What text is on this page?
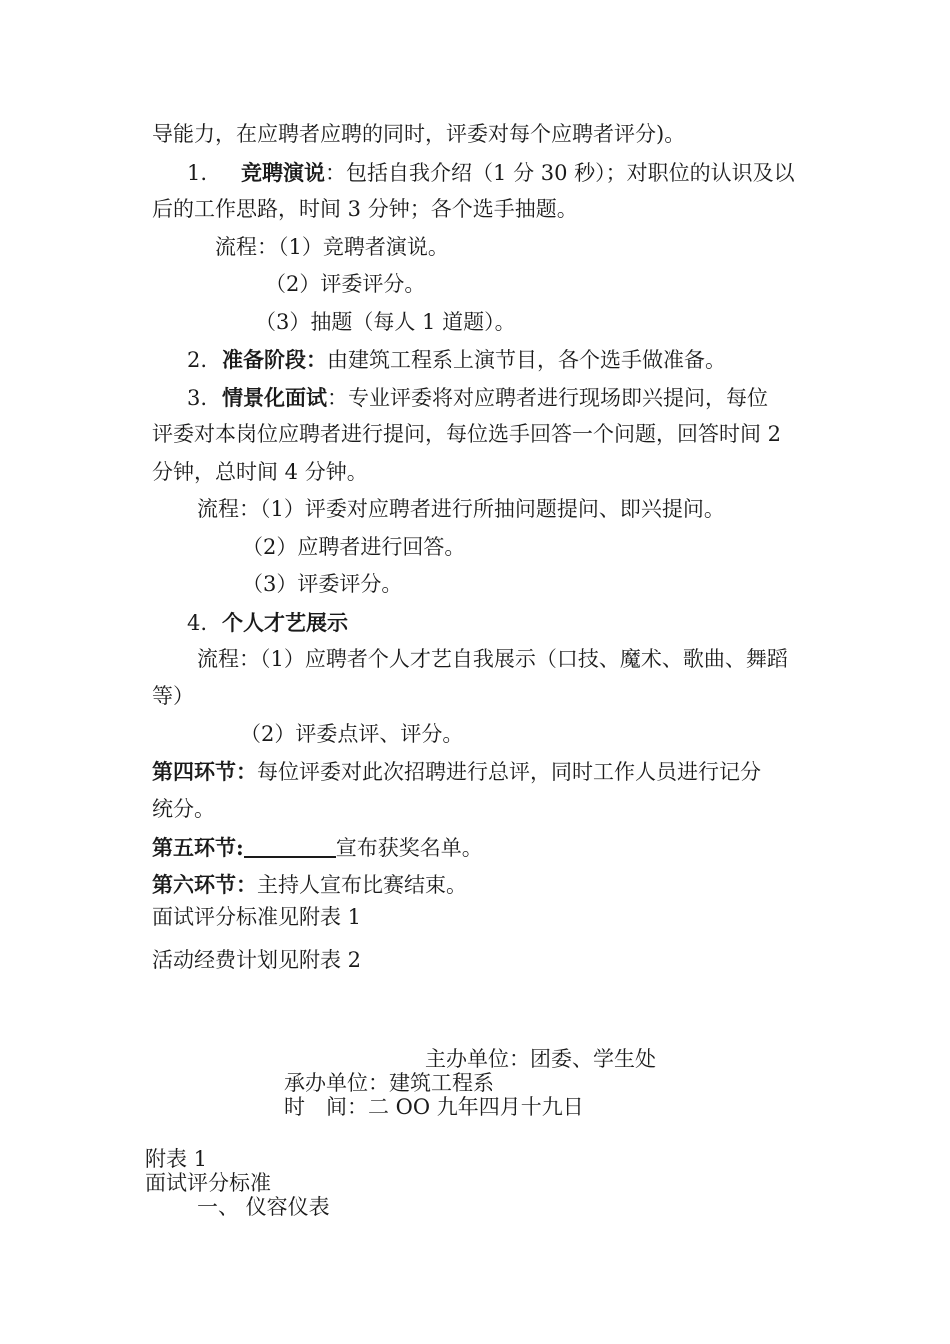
导能力，在应聘者应聘的同时，评委对每个应聘者评分)。
1. 竞聘演说：包括自我介绍（1 分 30 秒）；对职位的认识及以
后的工作思路，时间 3 分钟；各个选手抽题。
流程：（1）竞聘者演说。
（2）评委评分。
（3）抽题（每人 1 道题）。
2. 准备阶段：由建筑工程系上演节目，各个选手做准备。
3. 情景化面试：专业评委将对应聘者进行现场即兴提问，每位
评委对本岗位应聘者进行提问，每位选手回答一个问题，回答时间 2
分钟，总时间 4 分钟。
流程：（1）评委对应聘者进行所抽问题提问、即兴提问。
（2）应聘者进行回答。
（3）评委评分。
4. 个人才艺展示
流程：（1）应聘者个人才艺自我展示（口技、魔术、歌曲、舞蹈
等）
（2）评委点评、评分。
第四环节：每位评委对此次招聘进行总评，同时工作人员进行记分
统分。
第五环节:	宣布获奖名单。
第六环节：主持人宣布比赛结束。
面试评分标准见附表 1
活动经费计划见附表 2
主办单位：团委、学生处
承办单位：建筑工程系
时　间：二 OO 九年四月十九日
附表 1
面试评分标准
一、 仪容仪表
